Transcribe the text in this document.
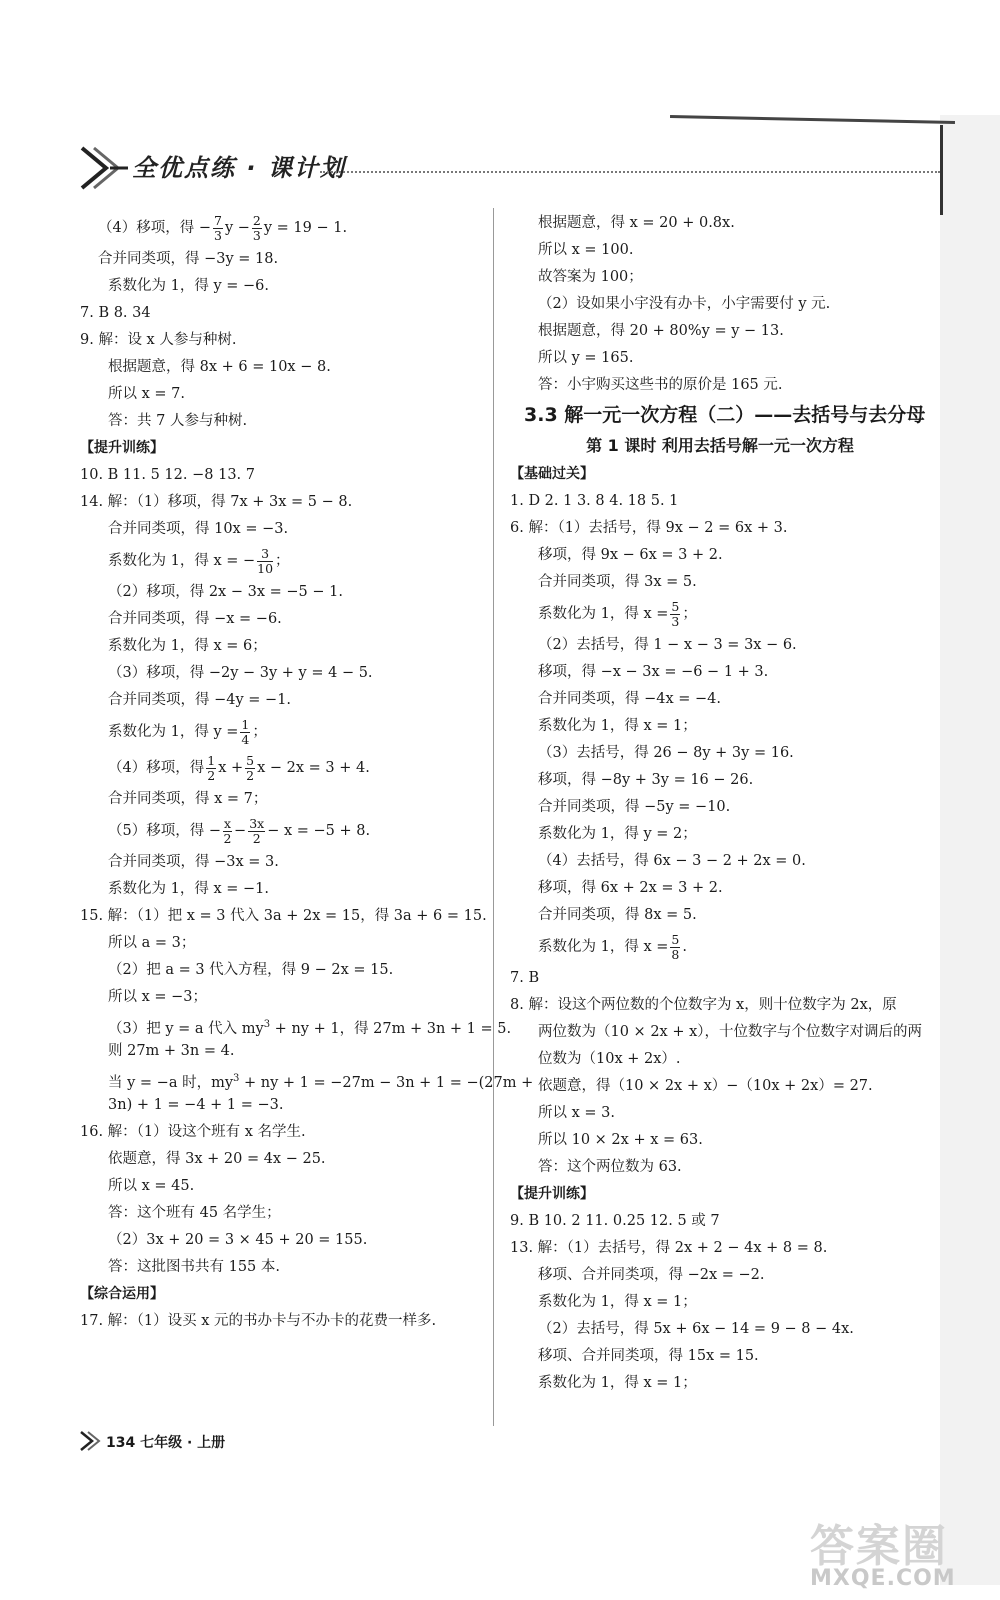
全优点练 · 课计划
（4）移项，得 − $\frac{7}{3}$ $y - \frac{2}{3}$ y = 19 − 1.
合并同类项，得 −3y = 18.
系数化为 1，得 y = −6.
7. B 8. 34
9. 解：设 x 人参与种树.
根据题意，得 8x + 6 = 10x − 8.
所以 x = 7.
答：共 7 人参与种树.
【提升训练】
10. B 11. 5 12. −8 13. 7
14. 解：（1）移项，得 7x + 3x = 5 − 8.
合并同类项，得 10x = −3.
系数化为 1，得 x = − $\frac{3}{10}$ ；
（2）移项，得 2x − 3x = −5 − 1.
合并同类项，得 −x = −6.
系数化为 1，得 x = 6；
（3）移项，得 −2y − 3y + y = 4 − 5.
合并同类项，得 −4y = −1.
系数化为 1，得 $y = \frac{1}{4}$ ；
（4）移项，得 $\frac{1}{2}$ $x + \frac{5}{2}$ x − 2x = 3 + 4.
合并同类项，得 x = 7；
（5）移项，得 − $\frac{x}{2} - \frac{3x}{2} - x = -5 + 8$.
合并同类项，得 −3x = 3.
系数化为 1，得 x = −1.
15. 解：（1）把 x = 3 代入 3a + 2x = 15，得 3a + 6 = 15.
所以 a = 3；
（2）把 a = 3 代入方程，得 9 − 2x = 15.
所以 x = −3；
（3）把 y = a 代入 $my^3$ + ny + 1，得 27m + 3n + 1 = 5.
则 27m + 3n = 4.
当 y = −a 时，$my^3$ + ny + 1 = −27m − 3n + 1 = −(27m +
3n) + 1 = −4 + 1 = −3.
16. 解：（1）设这个班有 x 名学生.
依题意，得 3x + 20 = 4x − 25.
所以 x = 45.
答：这个班有 45 名学生；
（2）3x + 20 = 3 × 45 + 20 = 155.
答：这批图书共有 155 本.
【综合运用】
17. 解：（1）设买 x 元的书办卡与不办卡的花费一样多.
根据题意，得 x = 20 + 0.8x.
所以 x = 100.
故答案为 100；
（2）设如果小宇没有办卡，小宇需要付 y 元.
根据题意，得 20 + 80%y = y − 13.
所以 y = 165.
答：小宇购买这些书的原价是 165 元.
3.3 解一元一次方程（二）——去括号与去分母
第 1 课时 利用去括号解一元一次方程
【基础过关】
1. D 2. 1 3. 8 4. 18 5. 1
6. 解：（1）去括号，得 9x − 2 = 6x + 3.
移项，得 9x − 6x = 3 + 2.
合并同类项，得 3x = 5.
系数化为 1，得 $x = \frac{5}{3}$ ；
（2）去括号，得 1 − x − 3 = 3x − 6.
移项，得 −x − 3x = −6 − 1 + 3.
合并同类项，得 −4x = −4.
系数化为 1，得 x = 1；
（3）去括号，得 26 − 8y + 3y = 16.
移项，得 −8y + 3y = 16 − 26.
合并同类项，得 −5y = −10.
系数化为 1，得 y = 2；
（4）去括号，得 6x − 3 − 2 + 2x = 0.
移项，得 6x + 2x = 3 + 2.
合并同类项，得 8x = 5.
系数化为 1，得 $x = \frac{5}{8}$ .
7. B
8. 解：设这个两位数的个位数字为 x，则十位数字为 2x，原
两位数为（10 × 2x + x），十位数字与个位数字对调后的两
位数为（10x + 2x）.
依题意，得（10 × 2x + x）−（10x + 2x）= 27.
所以 x = 3.
所以 10 × 2x + x = 63.
答：这个两位数为 63.
【提升训练】
9. B 10. 2 11. 0.25 12. 5 或 7
13. 解：（1）去括号，得 2x + 2 − 4x + 8 = 8.
移项、合并同类项，得 −2x = −2.
系数化为 1，得 x = 1；
（2）去括号，得 5x + 6x − 14 = 9 − 8 − 4x.
移项、合并同类项，得 15x = 15.
系数化为 1，得 x = 1；
134 七年级 · 上册
答案圈
MXQE.COM
